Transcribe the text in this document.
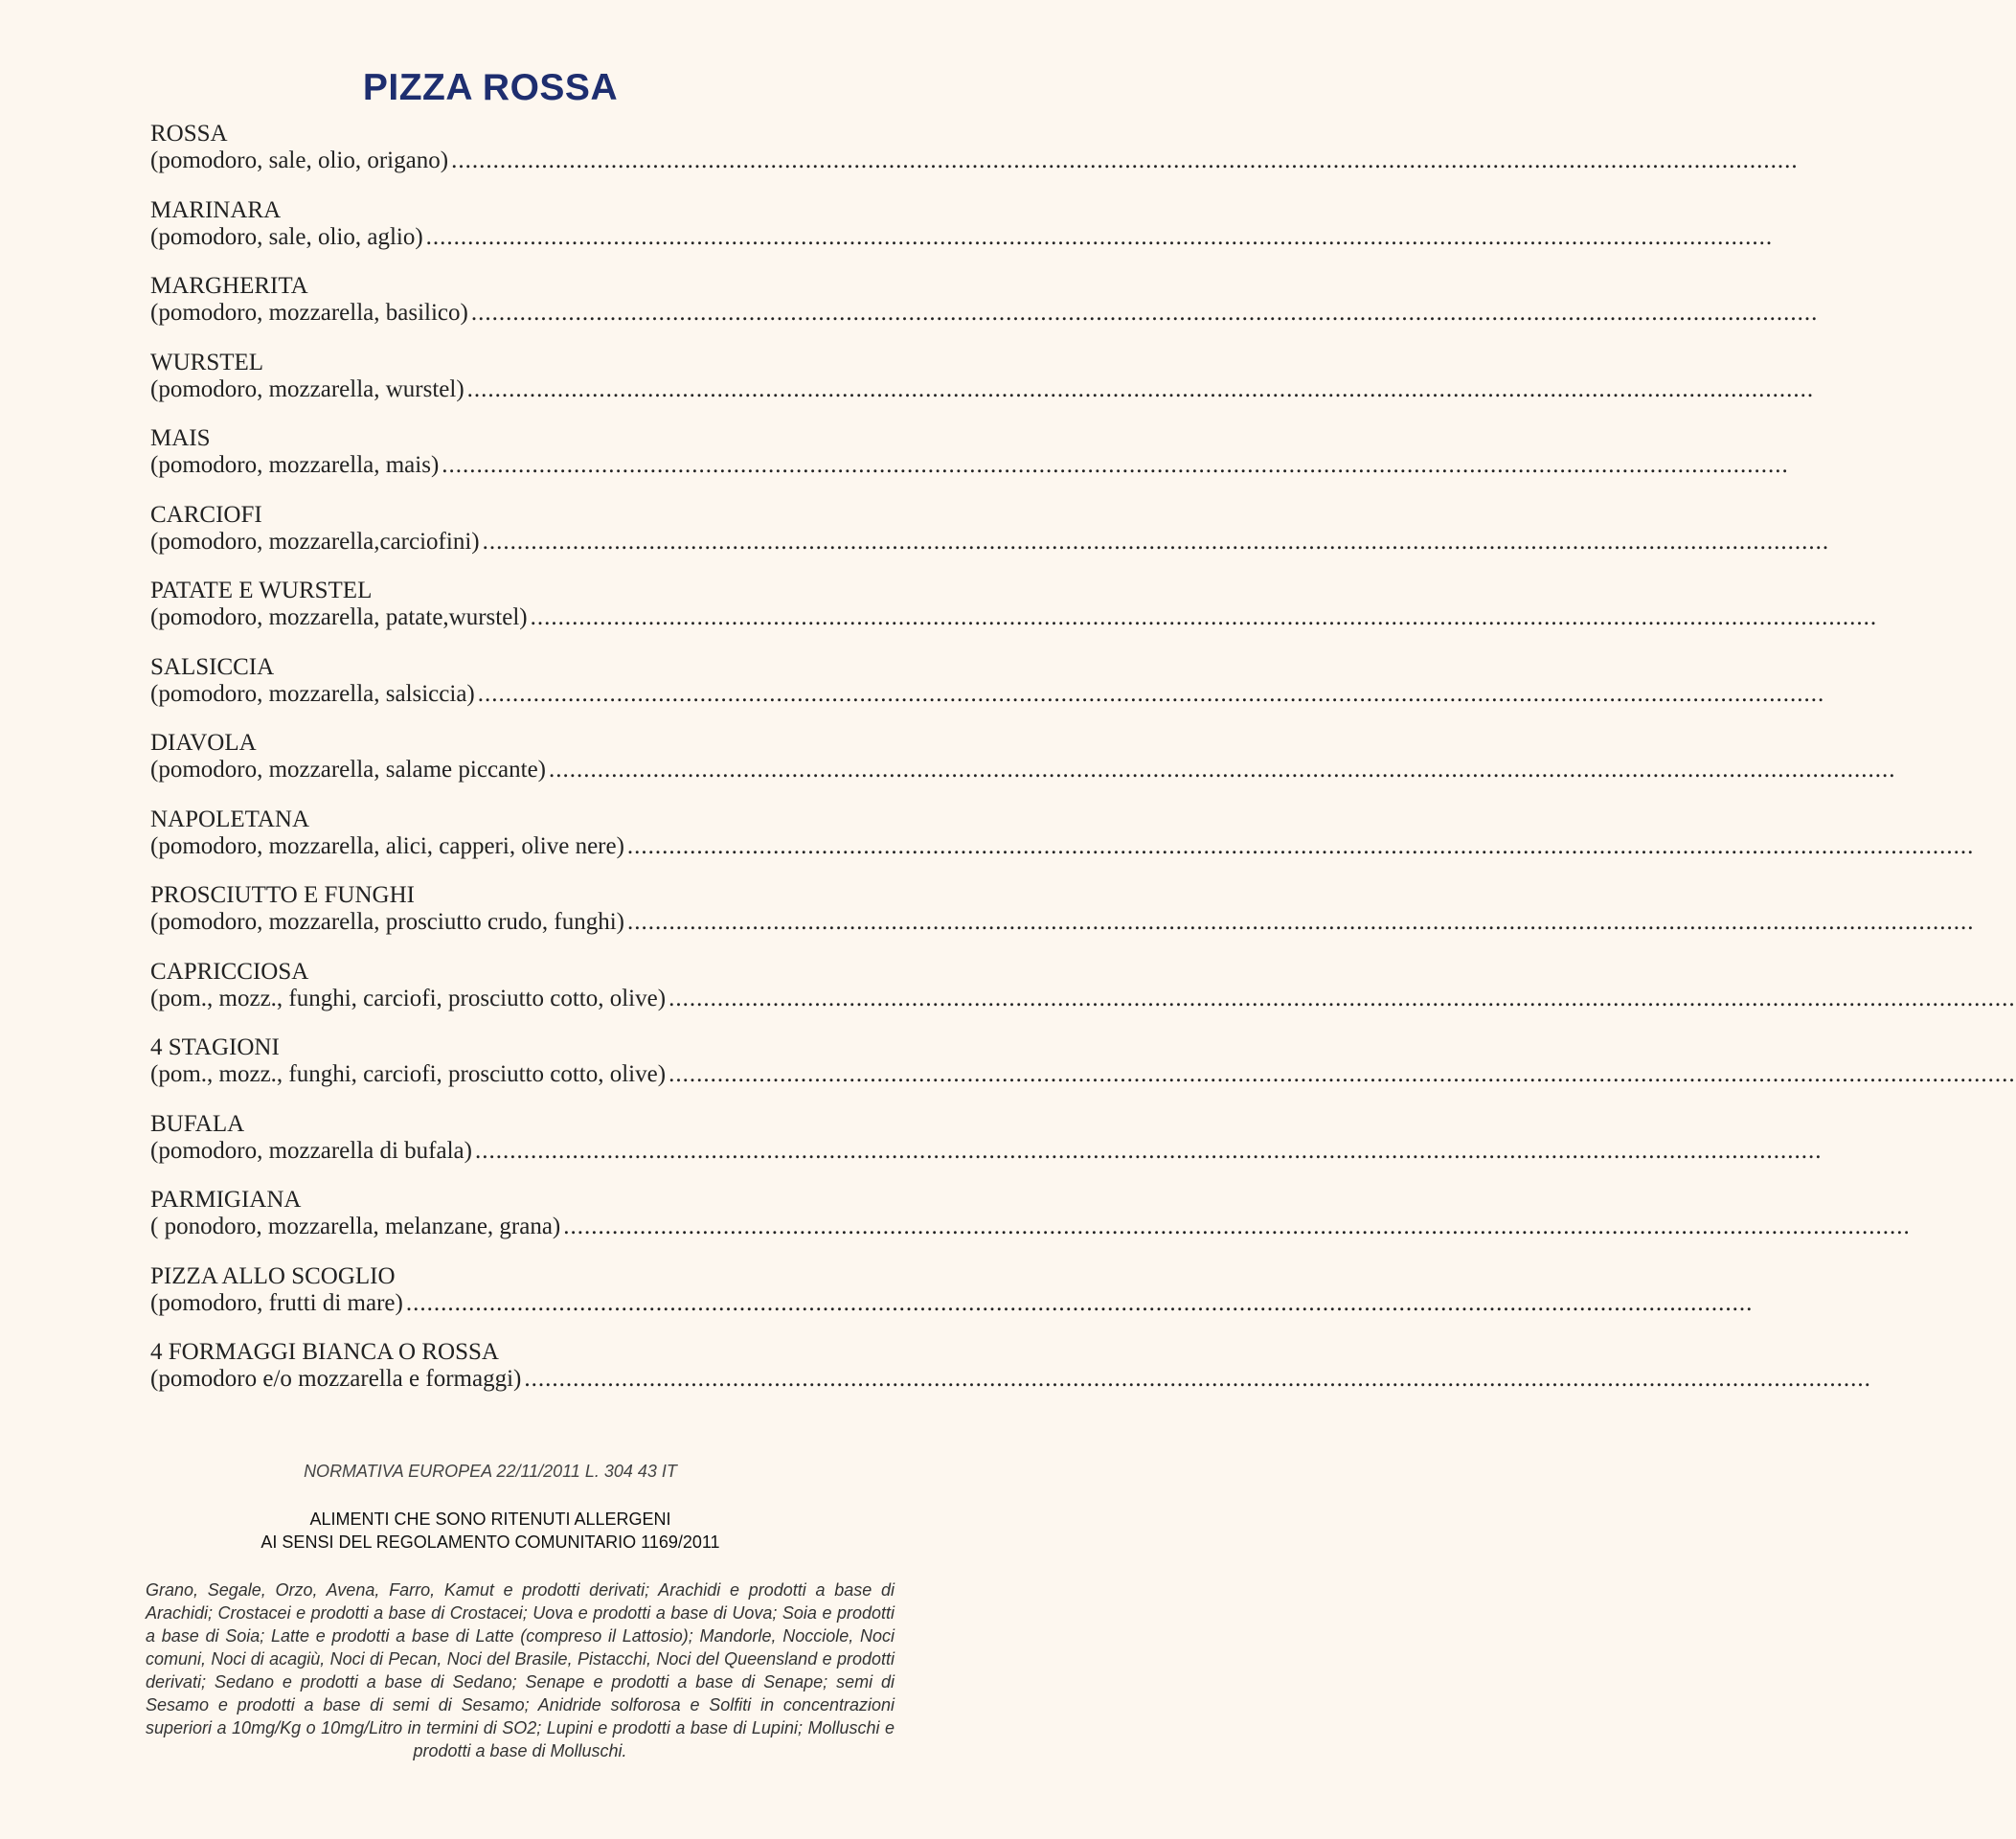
PIZZA ROSSA
ROSSA
(pomodoro, sale, olio, origano) ..................................................................................................................................................................................................
MARINARA
(pomodoro, sale, olio, aglio) ..................................................................................................................................................................................................
MARGHERITA
(pomodoro, mozzarella, basilico) ..................................................................................................................................................................................................
WURSTEL
(pomodoro, mozzarella, wurstel) ..................................................................................................................................................................................................
MAIS
(pomodoro, mozzarella, mais) ..................................................................................................................................................................................................
CARCIOFI
(pomodoro, mozzarella,carciofini) ..................................................................................................................................................................................................
PATATE E WURSTEL
(pomodoro, mozzarella, patate,wurstel) ..................................................................................................................................................................................................
SALSICCIA
(pomodoro, mozzarella, salsiccia) ..................................................................................................................................................................................................
DIAVOLA
(pomodoro, mozzarella, salame piccante) ..................................................................................................................................................................................................
NAPOLETANA
(pomodoro, mozzarella, alici, capperi, olive nere) ..................................................................................................................................................................................................
PROSCIUTTO E FUNGHI
(pomodoro, mozzarella, prosciutto crudo, funghi) ..................................................................................................................................................................................................
CAPRICCIOSA
(pom., mozz., funghi, carciofi, prosciutto cotto, olive) ..................................................................................................................................................................................................
4 STAGIONI
(pom., mozz., funghi, carciofi, prosciutto cotto, olive) ..................................................................................................................................................................................................
BUFALA
(pomodoro, mozzarella di bufala) ..................................................................................................................................................................................................
PARMIGIANA
( ponodoro, mozzarella, melanzane, grana) ..................................................................................................................................................................................................
PIZZA ALLO SCOGLIO
(pomodoro, frutti di mare) ..................................................................................................................................................................................................
4 FORMAGGI BIANCA O ROSSA
(pomodoro e/o mozzarella e formaggi) ..................................................................................................................................................................................................
NORMATIVA EUROPEA 22/11/2011 L. 304 43 IT
ALIMENTI CHE SONO RITENUTI ALLERGENI
AI SENSI DEL REGOLAMENTO COMUNITARIO 1169/2011
Grano, Segale, Orzo, Avena, Farro, Kamut e prodotti derivati; Arachidi e prodotti a base di Arachidi; Crostacei e prodotti a base di Crostacei; Uova e prodotti a base di Uova; Soia e prodotti a base di Soia; Latte e prodotti a base di Latte (compreso il Lattosio); Mandorle, Nocciole, Noci comuni, Noci di acagiù, Noci di Pecan, Noci del Brasile, Pistacchi, Noci del Queensland e prodotti derivati; Sedano e prodotti a base di Sedano; Senape e prodotti a base di Senape; semi di Sesamo e prodotti a base di semi di Sesamo; Anidride solforosa e Solfiti in concentrazioni superiori a 10mg/Kg o 10mg/Litro in termini di SO2; Lupini e prodotti a base di Lupini; Molluschi e prodotti a base di Molluschi.
